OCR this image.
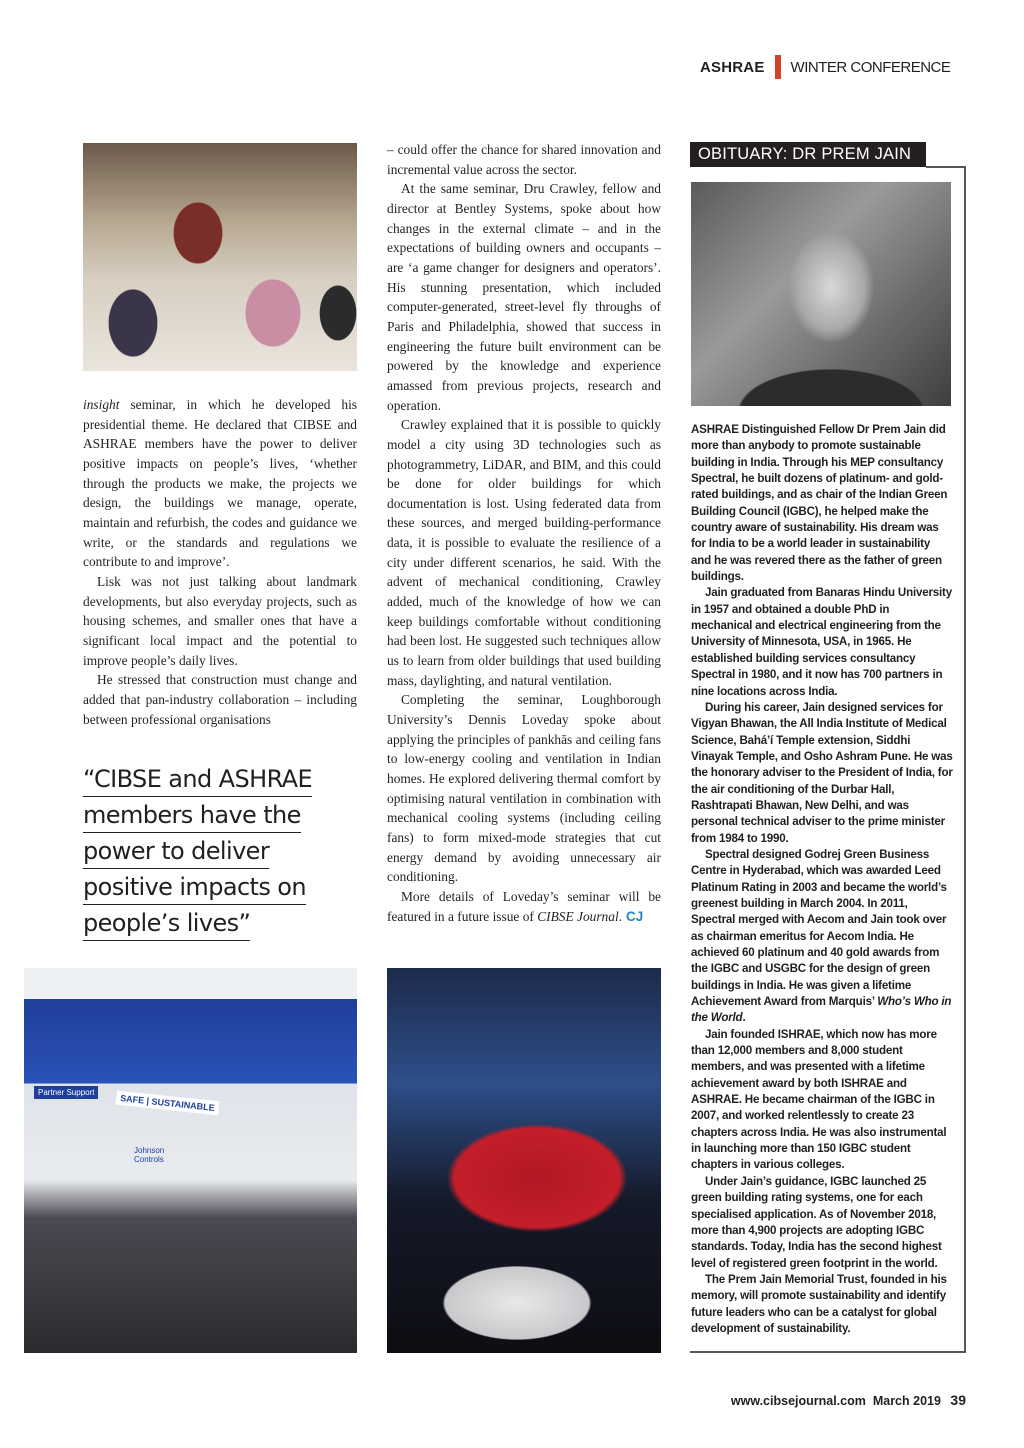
ASHRAE WINTER CONFERENCE

insight seminar, in which he developed his presidential theme. He declared that CIBSE and ASHRAE members have the power to deliver positive impacts on people’s lives, ‘whether through the products we make, the projects we design, the buildings we manage, operate, maintain and refurbish, the codes and guidance we write, or the standards and regulations we contribute to and improve’.

Lisk was not just talking about landmark developments, but also everyday projects, such as housing schemes, and smaller ones that have a significant local impact and the potential to improve people’s daily lives.

He stressed that construction must change and added that pan-industry collaboration – including between professional organisations

“CIBSE and ASHRAE
members have the
power to deliver
positive impacts on
people’s lives”

– could offer the chance for shared innovation and incremental value across the sector.

At the same seminar, Dru Crawley, fellow and director at Bentley Systems, spoke about how changes in the external climate – and in the expectations of building owners and occupants – are ‘a game changer for designers and operators’. His stunning presentation, which included computer-generated, street-level fly throughs of Paris and Philadelphia, showed that success in engineering the future built environment can be powered by the knowledge and experience amassed from previous projects, research and operation.

Crawley explained that it is possible to quickly model a city using 3D technologies such as photogrammetry, LiDAR, and BIM, and this could be done for older buildings for which documentation is lost. Using federated data from these sources, and merged building-performance data, it is possible to evaluate the resilience of a city under different scenarios, he said. With the advent of mechanical conditioning, Crawley added, much of the knowledge of how we can keep buildings comfortable without conditioning had been lost. He suggested such techniques allow us to learn from older buildings that used building mass, daylighting, and natural ventilation.

Completing the seminar, Loughborough University’s Dennis Loveday spoke about applying the principles of pankhās and ceiling fans to low-energy cooling and ventilation in Indian homes. He explored delivering thermal comfort by optimising natural ventilation in combination with mechanical cooling systems (including ceiling fans) to form mixed-mode strategies that cut energy demand by avoiding unnecessary air conditioning.

More details of Loveday’s seminar will be featured in a future issue of CIBSE Journal. CJ

OBITUARY: DR PREM JAIN

ASHRAE Distinguished Fellow Dr Prem Jain did more than anybody to promote sustainable building in India. Through his MEP consultancy Spectral, he built dozens of platinum- and gold-rated buildings, and as chair of the Indian Green Building Council (IGBC), he helped make the country aware of sustainability. His dream was for India to be a world leader in sustainability and he was revered there as the father of green buildings.

Jain graduated from Banaras Hindu University in 1957 and obtained a double PhD in mechanical and electrical engineering from the University of Minnesota, USA, in 1965. He established building services consultancy Spectral in 1980, and it now has 700 partners in nine locations across India.

During his career, Jain designed services for Vigyan Bhawan, the All India Institute of Medical Science, Bahá’í Temple extension, Siddhi Vinayak Temple, and Osho Ashram Pune. He was the honorary adviser to the President of India, for the air conditioning of the Durbar Hall, Rashtrapati Bhawan, New Delhi, and was personal technical adviser to the prime minister from 1984 to 1990.

Spectral designed Godrej Green Business Centre in Hyderabad, which was awarded Leed Platinum Rating in 2003 and became the world’s greenest building in March 2004. In 2011, Spectral merged with Aecom and Jain took over as chairman emeritus for Aecom India. He achieved 60 platinum and 40 gold awards from the IGBC and USGBC for the design of green buildings in India. He was given a lifetime Achievement Award from Marquis’ Who’s Who in the World.

Jain founded ISHRAE, which now has more than 12,000 members and 8,000 student members, and was presented with a lifetime achievement award by both ISHRAE and ASHRAE. He became chairman of the IGBC in 2007, and worked relentlessly to create 23 chapters across India. He was also instrumental in launching more than 150 IGBC student chapters in various colleges.

Under Jain’s guidance, IGBC launched 25 green building rating systems, one for each specialised application. As of November 2018, more than 4,900 projects are adopting IGBC standards. Today, India has the second highest level of registered green footprint in the world.

The Prem Jain Memorial Trust, founded in his memory, will promote sustainability and identify future leaders who can be a catalyst for global development of sustainability.

Partner Support
SAFE | SUSTAINABLE
Johnson Controls
www.cibsejournal.com March 2019 39
